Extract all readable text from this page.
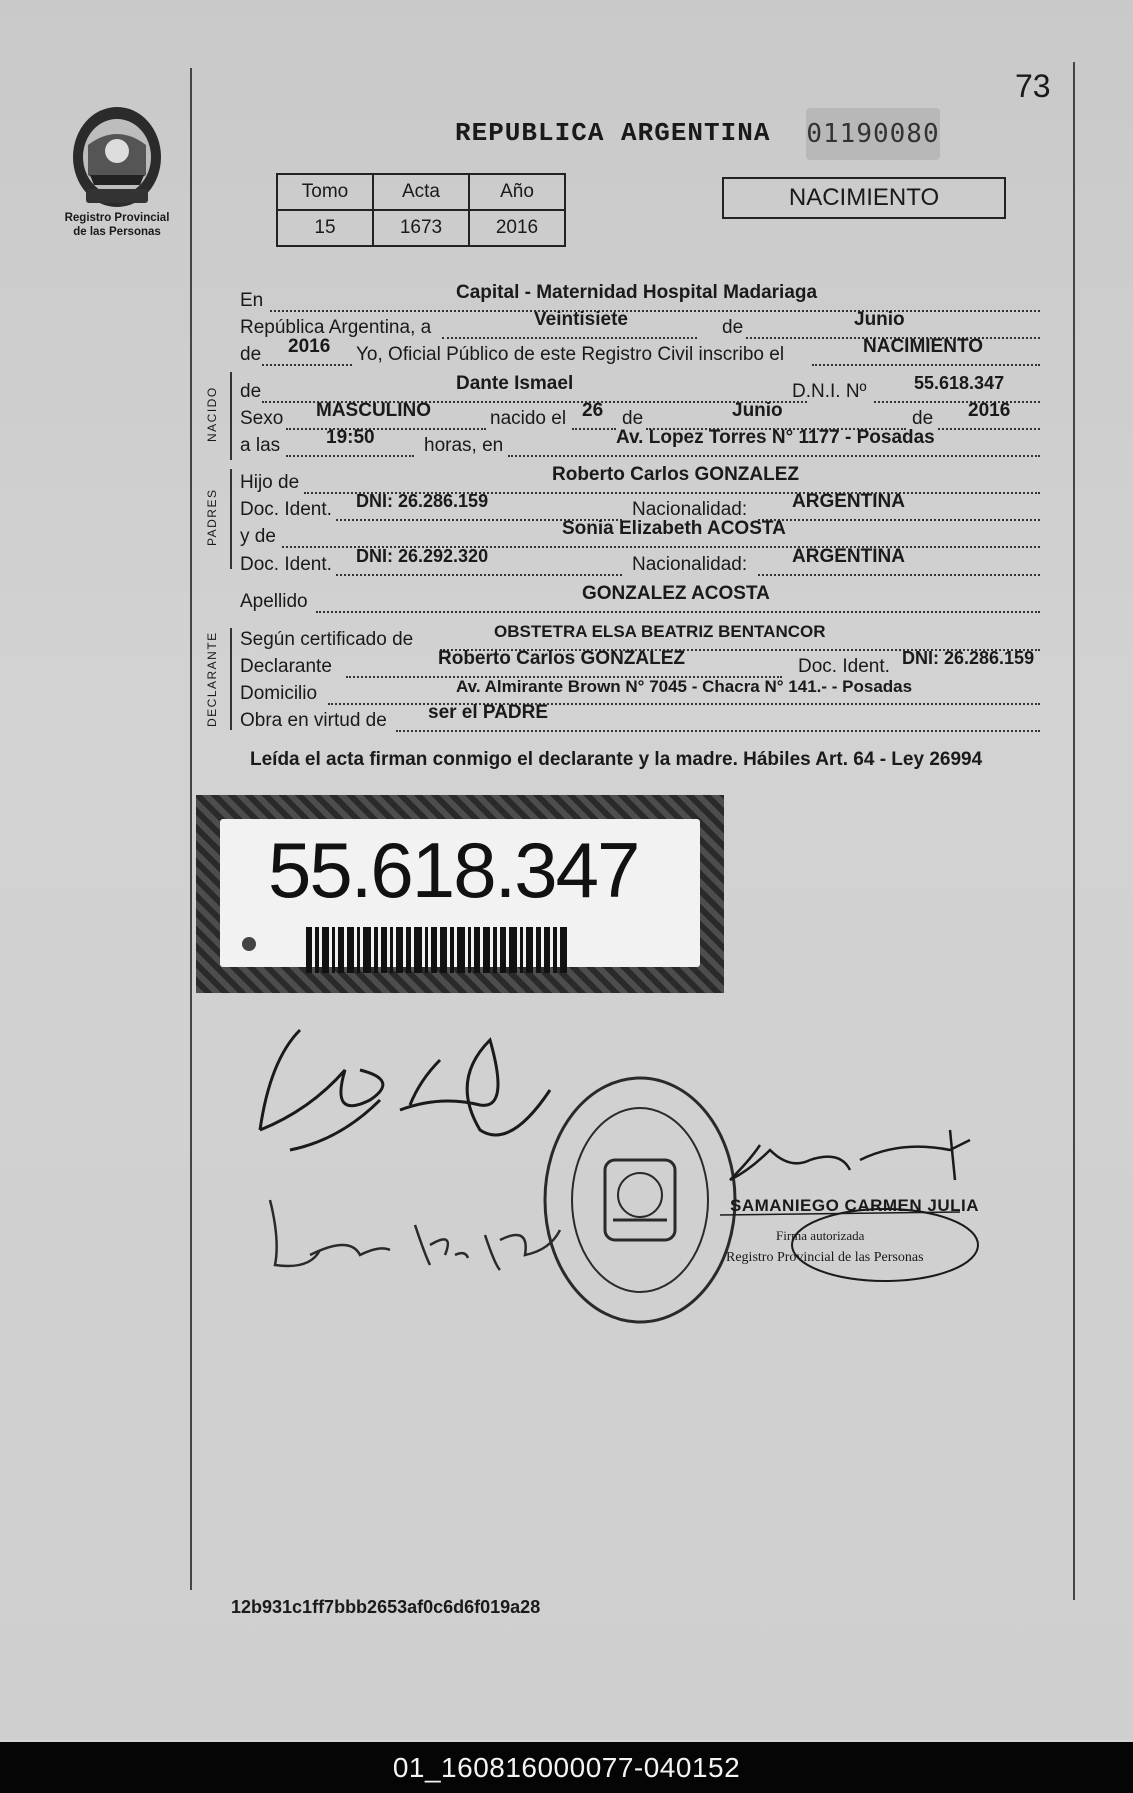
73
Registro Provincial
de las Personas
REPUBLICA ARGENTINA 01190080
Tomo	Acta	Año
15	1673	2016
NACIMIENTO
En	Capital - Maternidad Hospital Madariaga
República Argentina, a	Veintisiete	de	Junio
de 2016 Yo, Oficial Público de este Registro Civil inscribo el	NACIMIENTO
NACIDO de	Dante Ismael	D.N.I. Nº	55.618.347
Sexo MASCULINO	nacido el 26 de	Junio	de 2016
a las 19:50	horas, en	Av. Lopez Torres N° 1177 - Posadas
PADRES
Hijo de	Roberto Carlos GONZALEZ
Doc. Ident. DNI: 26.286.159	Nacionalidad: ARGENTINA
y de	Sonia Elizabeth ACOSTA
Doc. Ident. DNI: 26.292.320	Nacionalidad: ARGENTINA
Apellido	GONZALEZ ACOSTA
DECLARANTE Según certificado de	OBSTETRA ELSA BEATRIZ BENTANCOR
Declarante	Roberto Carlos GONZALEZ	Doc. Ident. DNI: 26.286.159
Domicilio	Av. Almirante Brown N° 7045 - Chacra N° 141.- - Posadas
Obra en virtud de ser el PADRE
Leída el acta firman conmigo el declarante y la madre. Hábiles Art. 64 - Ley 26994
55.618.347
SAMANIEGO CARMEN JULIA
Firma autorizada
Registro Provincial de las Personas
12b931c1ff7bbb2653af0c6d6f019a28
01_160816000077-040152
